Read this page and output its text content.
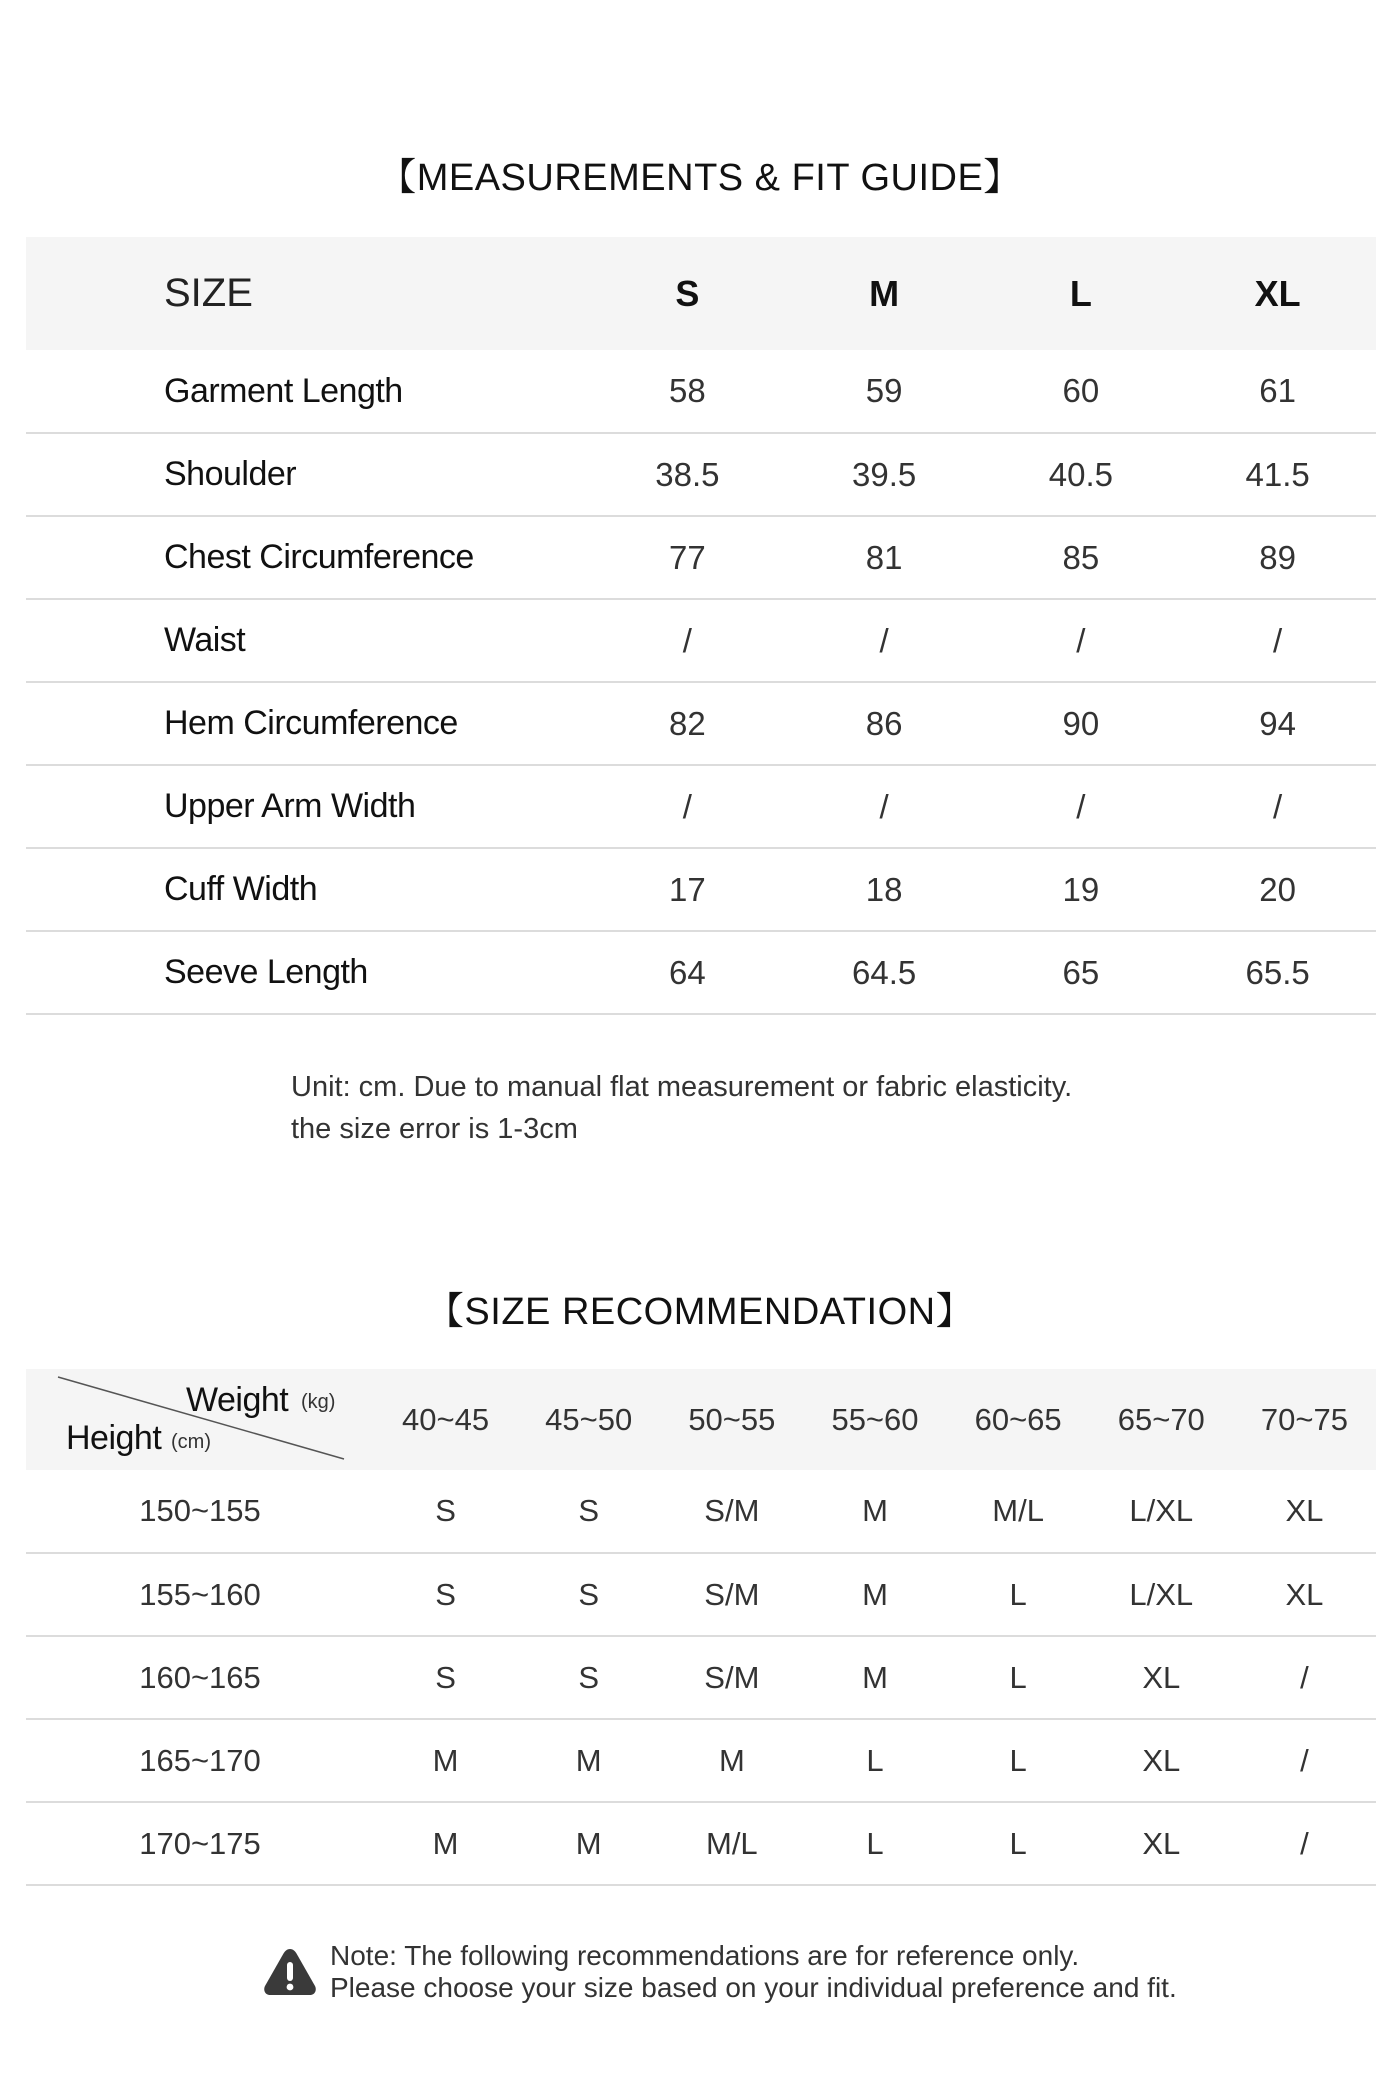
【MEASUREMENTS & FIT GUIDE】
SIZE	S	M	L	XL
Garment Length	58	59	60	61
Shoulder	38.5	39.5	40.5	41.5
Chest Circumference	77	81	85	89
Waist	/	/	/	/
Hem Circumference	82	86	90	94
Upper Arm Width	/	/	/	/
Cuff Width	17	18	19	20
Seeve Length	64	64.5	65	65.5
Unit: cm. Due to manual flat measurement or fabric elasticity.
the size error is 1-3cm
【SIZE RECOMMENDATION】
Weight (kg)
Height (cm)	40~45	45~50	50~55	55~60	60~65	65~70	70~75
150~155	S	S	S/M	M	M/L	L/XL	XL
155~160	S	S	S/M	M	L	L/XL	XL
160~165	S	S	S/M	M	L	XL	/
165~170	M	M	M	L	L	XL	/
170~175	M	M	M/L	L	L	XL	/
Note: The following recommendations are for reference only.
Please choose your size based on your individual preference and fit.
